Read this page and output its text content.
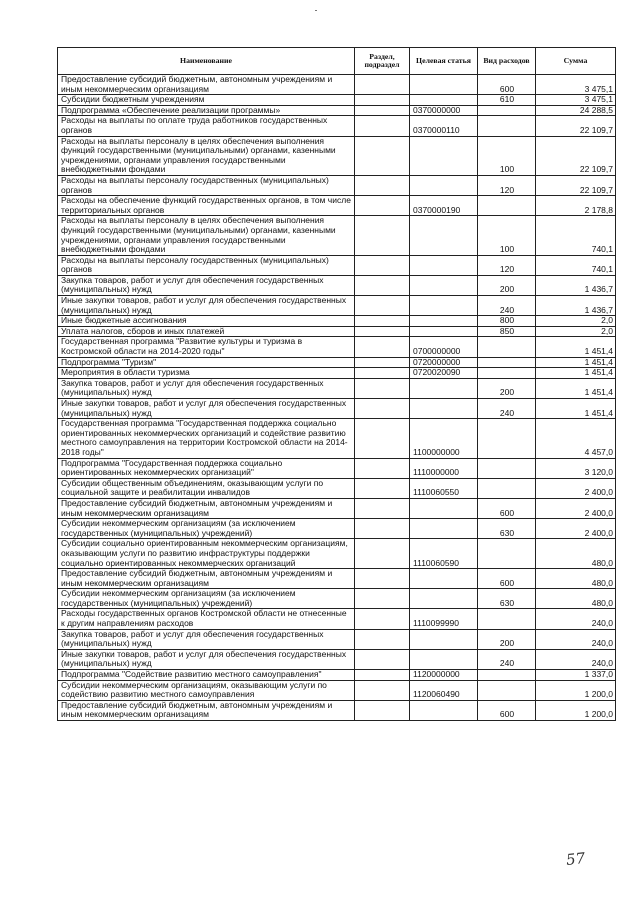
Наименование	Раздел, подраздел	Целевая статья	Вид расходов	Сумма
Предоставление субсидий бюджетным, автономным учреждениям и иным некоммерческим организациям			600	3 475,1
Субсидии бюджетным учреждениям			610	3 475,1
Подпрограмма «Обеспечение реализации программы»		0370000000		24 288,5
Расходы на выплаты по оплате труда работников государственных органов		0370000110		22 109,7
Расходы на выплаты персоналу в целях обеспечения выполнения функций государственными (муниципальными) органами, казенными учреждениями, органами управления государственными внебюджетными фондами			100	22 109,7
Расходы на выплаты персоналу государственных (муниципальных) органов			120	22 109,7
Расходы на обеспечение функций государственных органов, в том числе территориальных органов		0370000190		2 178,8
Расходы на выплаты персоналу в целях обеспечения выполнения функций государственными (муниципальными) органами, казенными учреждениями, органами управления государственными внебюджетными фондами			100	740,1
Расходы на выплаты персоналу государственных (муниципальных) органов			120	740,1
Закупка товаров, работ и услуг для обеспечения государственных (муниципальных) нужд			200	1 436,7
Иные закупки товаров, работ и услуг для обеспечения государственных (муниципальных) нужд			240	1 436,7
Иные бюджетные ассигнования			800	2,0
Уплата налогов, сборов и иных платежей			850	2,0
Государственная программа "Развитие культуры и туризма в Костромской области на 2014-2020 годы"		0700000000		1 451,4
Подпрограмма "Туризм"		0720000000		1 451,4
Мероприятия в области туризма		0720020090		1 451,4
Закупка товаров, работ и услуг для обеспечения государственных (муниципальных) нужд			200	1 451,4
Иные закупки товаров, работ и услуг для обеспечения государственных (муниципальных) нужд			240	1 451,4
Государственная программа "Государственная поддержка социально ориентированных некоммерческих организаций и содействие развитию местного самоуправления на территории Костромской области на 2014-2018 годы"		1100000000		4 457,0
Подпрограмма "Государственная поддержка социально ориентированных некоммерческих организаций"		1110000000		3 120,0
Субсидии общественным объединениям, оказывающим услуги по социальной защите и реабилитации инвалидов		1110060550		2 400,0
Предоставление субсидий бюджетным, автономным учреждениям и иным некоммерческим организациям			600	2 400,0
Субсидии некоммерческим организациям (за исключением государственных (муниципальных) учреждений)			630	2 400,0
Субсидии социально ориентированным некоммерческим организациям, оказывающим услуги по развитию инфраструктуры поддержки социально ориентированных некоммерческих организаций		1110060590		480,0
Предоставление субсидий бюджетным, автономным учреждениям и иным некоммерческим организациям			600	480,0
Субсидии некоммерческим организациям (за исключением государственных (муниципальных) учреждений)			630	480,0
Расходы государственных органов Костромской области не отнесенные к другим направлениям расходов		1110099990		240,0
Закупка товаров, работ и услуг для обеспечения государственных (муниципальных) нужд			200	240,0
Иные закупки товаров, работ и услуг для обеспечения государственных (муниципальных) нужд			240	240,0
Подпрограмма "Содействие развитию местного самоуправления"		1120000000		1 337,0
Субсидии некоммерческим организациям, оказывающим услуги по содействию развитию местного самоуправления		1120060490		1 200,0
Предоставление субсидий бюджетным, автономным учреждениям и иным некоммерческим организациям			600	1 200,0
57
